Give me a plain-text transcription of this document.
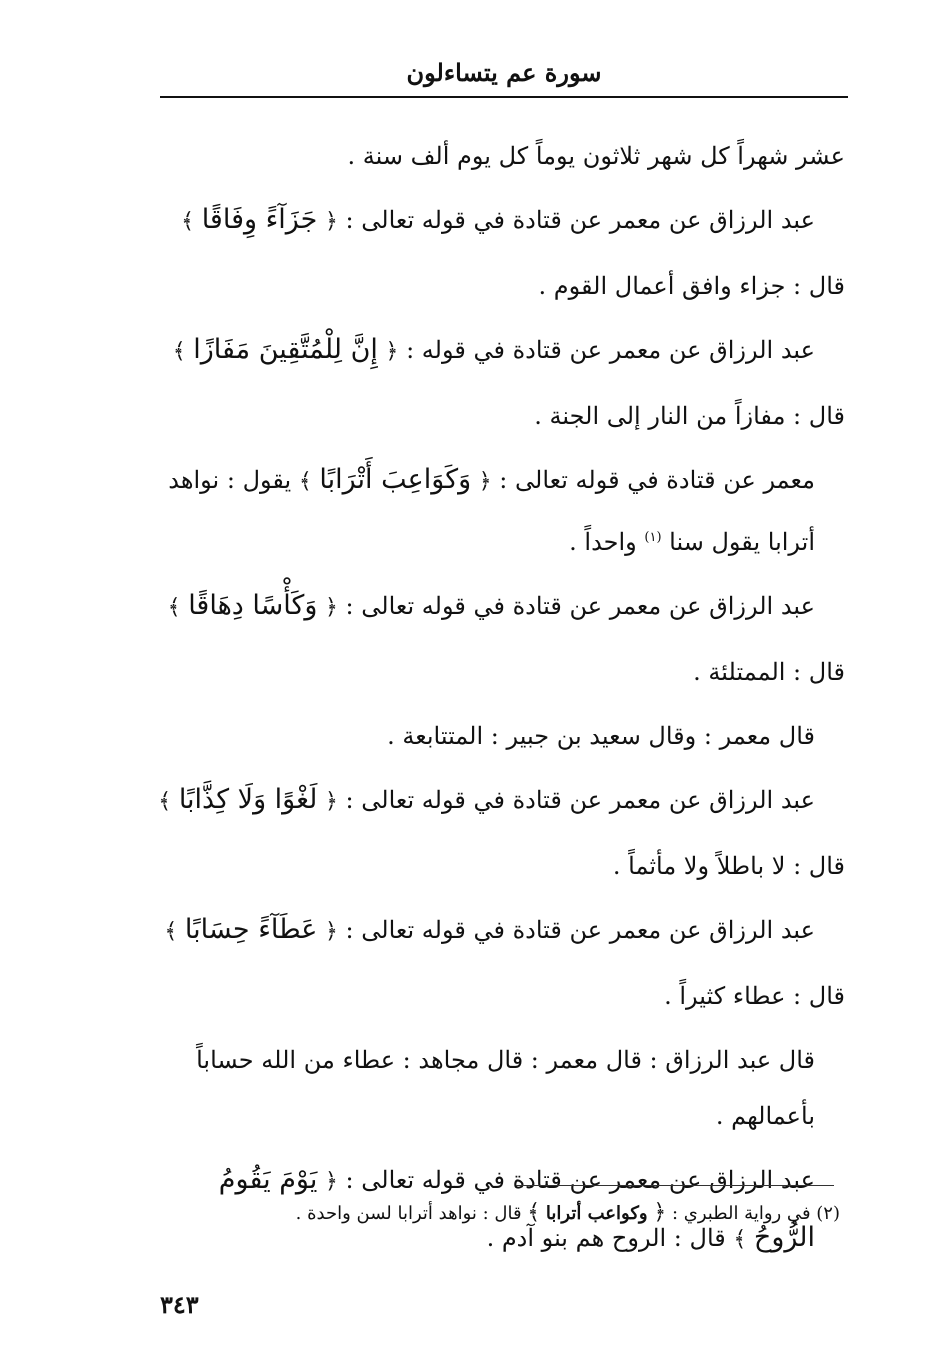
سورة عم يتساءلون

عشر شهراً كل شهر ثلاثون يوماً كل يوم ألف سنة .

عبد الرزاق عن معمر عن قتادة في قوله تعالى : ﴿ جَزَآءً وِفَاقًا ﴾

قال : جزاء وافق أعمال القوم .

عبد الرزاق عن معمر عن قتادة في قوله : ﴿ إِنَّ لِلْمُتَّقِينَ مَفَازًا ﴾

قال : مفازاً من النار إلى الجنة .

معمر عن قتادة في قوله تعالى : ﴿ وَكَوَاعِبَ أَتْرَابًا ﴾ يقول : نواهد أترابا يقول سنا $^{(١)}$ واحداً .

عبد الرزاق عن معمر عن قتادة في قوله تعالى : ﴿ وَكَأْسًا دِهَاقًا ﴾

قال : الممتلئة .

قال معمر : وقال سعيد بن جبير : المتتابعة .

عبد الرزاق عن معمر عن قتادة في قوله تعالى : ﴿ لَغْوًا وَلَا كِذَّابًا ﴾

قال : لا باطلاً ولا مأثماً .

عبد الرزاق عن معمر عن قتادة في قوله تعالى : ﴿ عَطَآءً حِسَابًا ﴾

قال : عطاء كثيراً .

قال عبد الرزاق : قال معمر : قال مجاهد : عطاء من الله حساباً بأعمالهم .

عبد الرزاق عن معمر عن قتادة في قوله تعالى : ﴿ يَوْمَ يَقُومُ الرُّوحُ ﴾ قال : الروح هم بنو آدم .

(٢) في رواية الطبري : ﴿ وكواعب أترابا ﴾ قال : نواهد أترابا لسن واحدة .
٣٤٣
